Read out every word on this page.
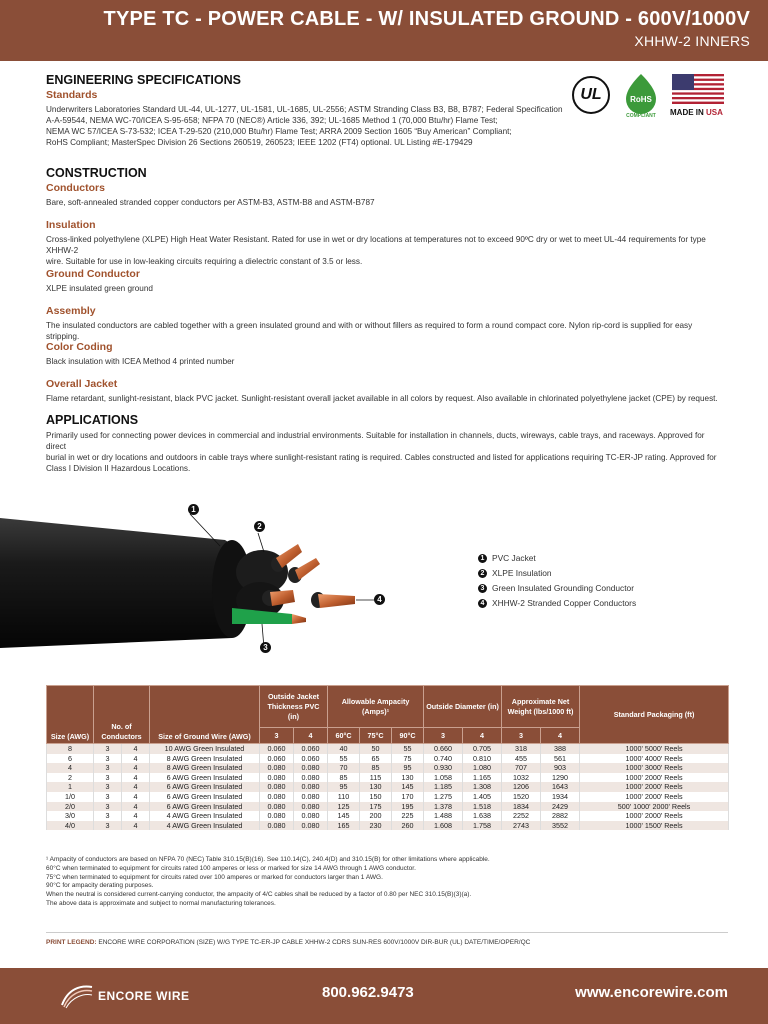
TYPE TC - POWER CABLE - W/ INSULATED GROUND - 600V/1000V
XHHW-2 INNERS
UL	RoHS
COMPLIANT MADE IN USA
ENGINEERING SPECIFICATIONS
Standards
Underwriters Laboratories Standard UL-44, UL-1277, UL-1581, UL-1685, UL-2556; ASTM Stranding Class B3, B8, B787; Federal Specification
A-A-59544, NEMA WC-70/ICEA S-95-658; NFPA 70 (NEC®) Article 336, 392; UL-1685 Method 1 (70,000 Btu/hr) Flame Test;
NEMA WC 57/ICEA S-73-532; ICEA T-29-520 (210,000 Btu/hr) Flame Test; ARRA 2009 Section 1605 “Buy American” Compliant;
RoHS Compliant; MasterSpec Division 26 Sections 260519, 260523; IEEE 1202 (FT4) optional. UL Listing #E-179429
CONSTRUCTION
Conductors
Bare, soft-annealed stranded copper conductors per ASTM-B3, ASTM-B8 and ASTM-B787
Insulation
Cross-linked polyethylene (XLPE) High Heat Water Resistant. Rated for use in wet or dry locations at temperatures not to exceed 90ºC dry or wet to meet UL-44 requirements for type XHHW-2
wire. Suitable for use in low-leaking circuits requiring a dielectric constant of 3.5 or less.
Ground Conductor
XLPE insulated green ground
Assembly
The insulated conductors are cabled together with a green insulated ground and with or without fillers as required to form a round compact core. Nylon rip-cord is supplied for easy stripping.
Color Coding
Black insulation with ICEA Method 4 printed number
Overall Jacket
Flame retardant, sunlight-resistant, black PVC jacket. Sunlight-resistant overall jacket available in all colors by request. Also available in chlorinated polyethylene jacket (CPE) by request.
APPLICATIONS
Primarily used for connecting power devices in commercial and industrial environments. Suitable for installation in channels, ducts, wireways, cable trays, and raceways. Approved for direct
burial in wet or dry locations and outdoors in cable trays where sunlight-resistant rating is required. Cables constructed and listed for applications requiring TC-ER-JP rating. Approved for
Class I Division II Hazardous Locations.
1
2
3
4
1 PVC Jacket
2 XLPE Insulation
3 Green Insulated Grounding Conductor
4 XHHW-2 Stranded Copper Conductors
Size (AWG)	No. of Conductors		Size of Ground Wire (AWG)	Outside Jacket Thickness PVC (in)		Allowable Ampacity (Amps)¹			Outside Diameter (in)		Approximate Net Weight (lbs/1000 ft)		Standard Packaging (ft)
				3	4	60°C	75°C	90°C	3	4	3	4	
8	3	4	10 AWG Green Insulated	0.060	0.060	40	50	55	0.660	0.705	318	388	1000' 5000' Reels
6	3	4	8 AWG Green Insulated	0.060	0.060	55	65	75	0.740	0.810	455	561	1000' 4000' Reels
4	3	4	8 AWG Green Insulated	0.080	0.080	70	85	95	0.930	1.080	707	903	1000' 3000' Reels
2	3	4	6 AWG Green Insulated	0.080	0.080	85	115	130	1.058	1.165	1032	1290	1000' 2000' Reels
1	3	4	6 AWG Green Insulated	0.080	0.080	95	130	145	1.185	1.308	1206	1643	1000' 2000' Reels
1/0	3	4	6 AWG Green Insulated	0.080	0.080	110	150	170	1.275	1.405	1520	1934	1000' 2000' Reels
2/0	3	4	6 AWG Green Insulated	0.080	0.080	125	175	195	1.378	1.518	1834	2429	500' 1000' 2000' Reels
3/0	3	4	4 AWG Green Insulated	0.080	0.080	145	200	225	1.488	1.638	2252	2882	1000' 2000' Reels
4/0	3	4	4 AWG Green Insulated	0.080	0.080	165	230	260	1.608	1.758	2743	3552	1000' 1500' Reels
¹ Ampacity of conductors are based on NFPA 70 (NEC) Table 310.15(B)(16). See 110.14(C), 240.4(D) and 310.15(B) for other limitations where applicable.
60°C when terminated to equipment for circuits rated 100 amperes or less or marked for size 14 AWG through 1 AWG conductor.
75°C when terminated to equipment for circuits rated over 100 amperes or marked for conductors larger than 1 AWG.
90°C for ampacity derating purposes.
When the neutral is considered current-carrying conductor, the ampacity of 4/C cables shall be reduced by a factor of 0.80 per NEC 310.15(B)(3)(a).
The above data is approximate and subject to normal manufacturing tolerances.
PRINT LEGEND: ENCORE WIRE CORPORATION (SIZE) W/G TYPE TC-ER-JP CABLE XHHW-2 CDRS SUN-RES 600V/1000V DIR-BUR (UL) DATE/TIME/OPER/QC
ENCORE WIRE	800.962.9473	www.encorewire.com
